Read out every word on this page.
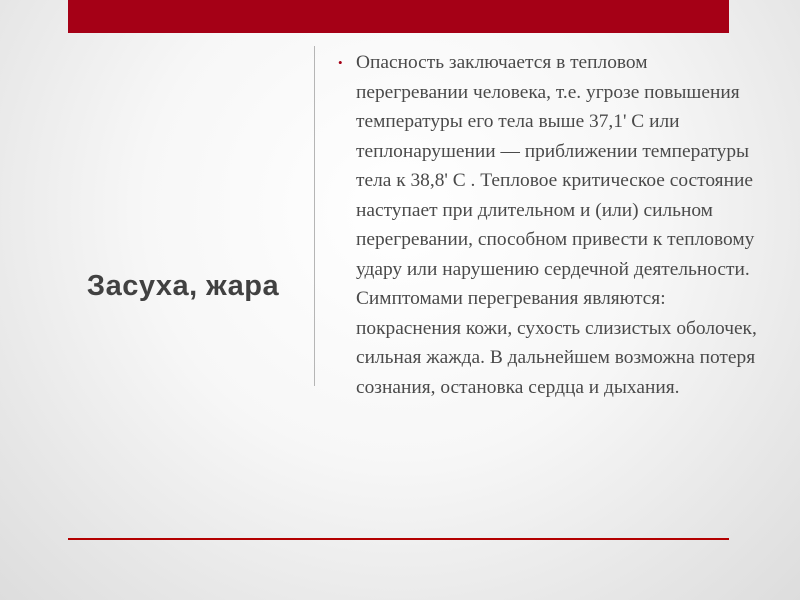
Засуха, жара
• Опасность заключается в тепловом перегревании человека, т.е. угрозе повышения температуры его тела выше 37,1' С или теплонарушении — приближении температуры тела к 38,8' С . Тепловое критическое состояние наступает при длительном и (или) сильном перегревании, способном привести к тепловому удару или нарушению сердечной деятельности. Симптомами перегревания являются: покраснения кожи, сухость слизистых оболочек, сильная жажда. В дальнейшем возможна потеря сознания, остановка сердца и дыхания.
